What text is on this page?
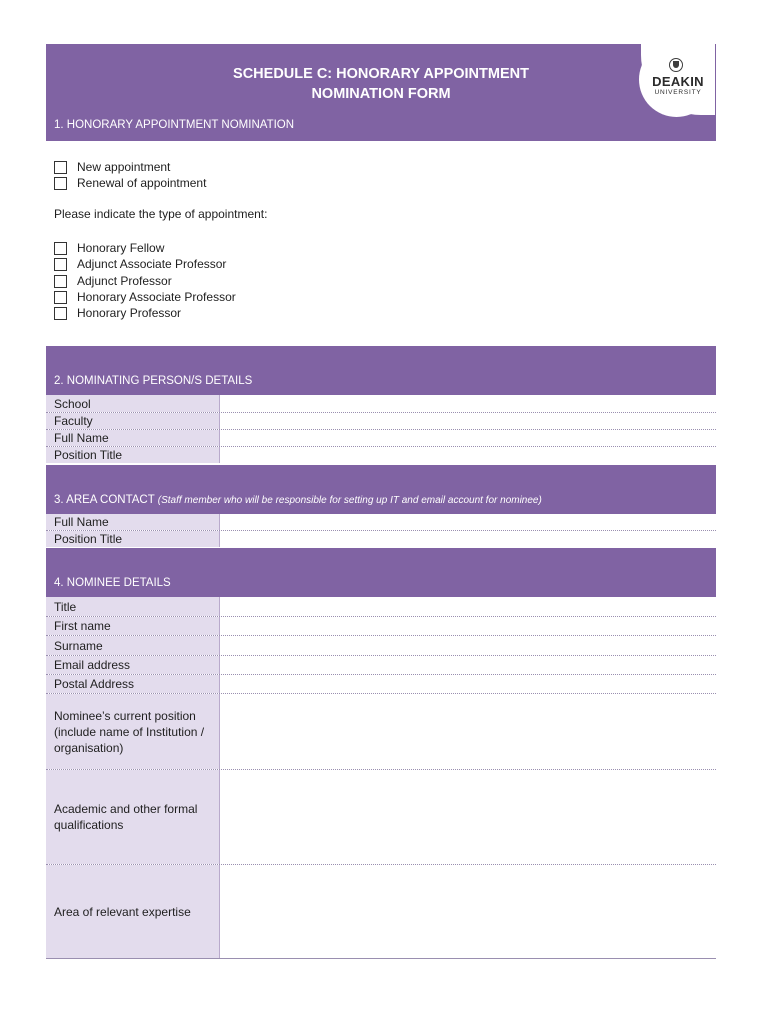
SCHEDULE C: HONORARY APPOINTMENT
NOMINATION FORM
DEAKIN
UNIVERSITY
1. HONORARY APPOINTMENT NOMINATION
New appointment
Renewal of appointment
Please indicate the type of appointment:
Honorary Fellow
Adjunct Associate Professor
Adjunct Professor
Honorary Associate Professor
Honorary Professor
2. NOMINATING PERSON/S DETAILS
School
Faculty
Full Name
Position Title
3. AREA CONTACT (Staff member who will be responsible for setting up IT and email account for nominee)
Full Name
Position Title
4. NOMINEE DETAILS
Title
First name
Surname
Email address
Postal Address
Nominee’s current position (include name of Institution / organisation)
Academic and other formal qualifications
Area of relevant expertise
